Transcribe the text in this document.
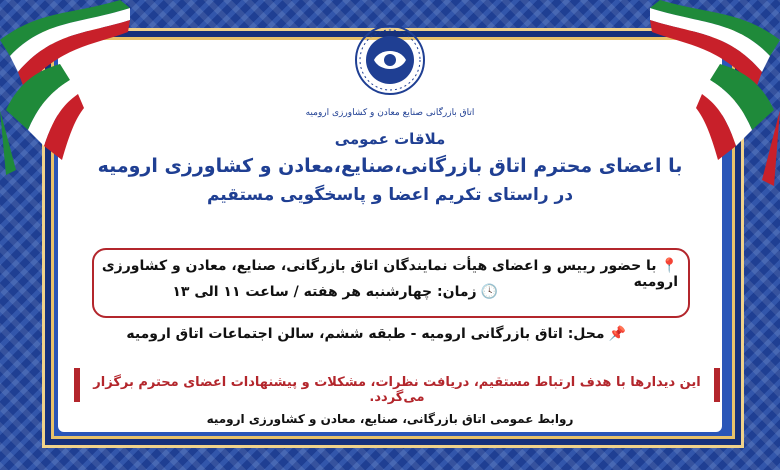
اتاق بازرگانی صنایع معادن و کشاورزی ارومیه
ملاقات عمومی
با اعضای محترم اتاق بازرگانی،صنایع،معادن و کشاورزی ارومیه
در راستای تکریم اعضا و پاسخگویی مستقیم
📍با حضور رییس و اعضای هیأت نمایندگان اتاق بازرگانی، صنایع، معادن و کشاورزی ارومیه
🕓زمان: چهارشنبه هر هفته / ساعت ۱۱ الی ۱۳
📌محل: اتاق بازرگانی ارومیه - طبقه ششم، سالن اجتماعات اتاق ارومیه
این دیدارها با هدف ارتباط مستقیم، دریافت نظرات، مشکلات و پیشنهادات اعضای محترم برگزار می‌گردد.
روابط عمومی اتاق بازرگانی، صنایع، معادن و کشاورزی ارومیه
